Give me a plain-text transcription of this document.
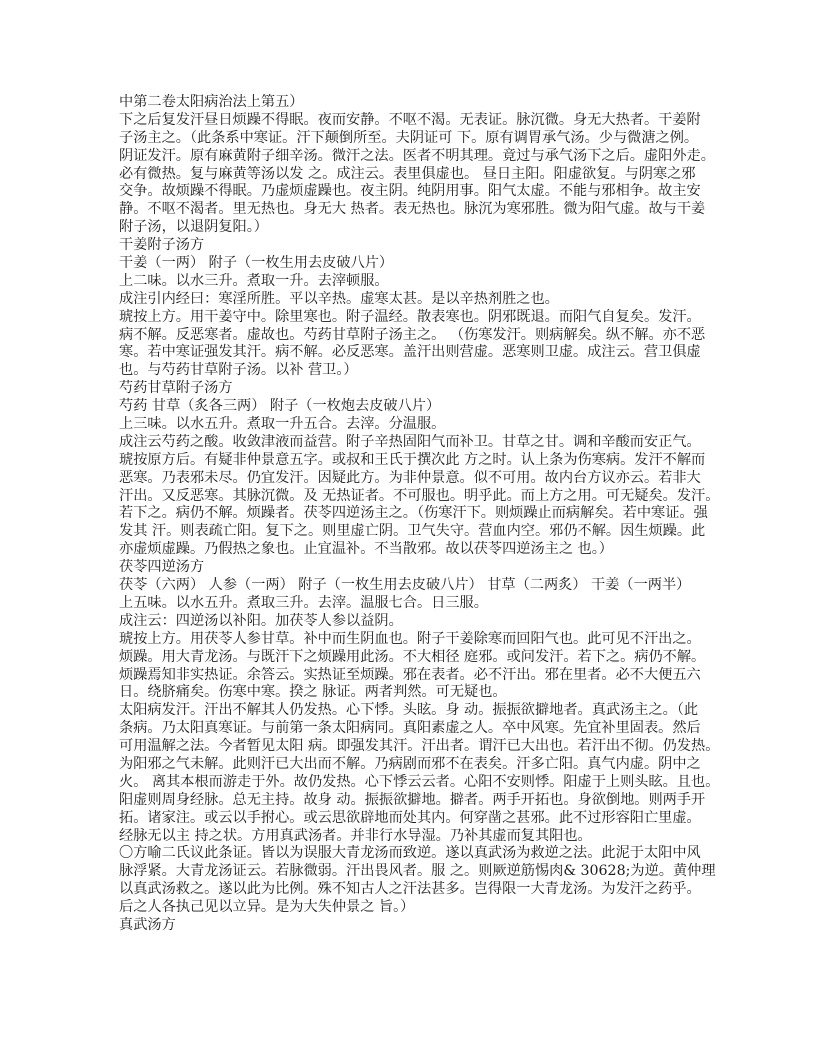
中第二卷太阳病治法上第五）
下之后复发汗昼日烦躁不得眠。夜而安静。不呕不渴。无表证。脉沉微。身无大热者。干姜附
子汤主之。（此条系中寒证。汗下颠倒所至。夫阴证可 下。原有调胃承气汤。少与微溏之例。
阴证发汗。原有麻黄附子细辛汤。微汗之法。医者不明其理。竟过与承气汤下之后。虚阳外走。
必有微热。复与麻黄等汤以发 之。成注云。表里俱虚也。 昼日主阳。阳虚欲复。与阴寒之邪
交争。故烦躁不得眠。乃虚烦虚躁也。夜主阴。纯阴用事。阳气太虚。不能与邪相争。故主安
静。不呕不渴者。里无热也。身无大 热者。表无热也。脉沉为寒邪胜。微为阳气虚。故与干姜
附子汤，以退阴复阳。）
干姜附子汤方
干姜（一两） 附子（一枚生用去皮破八片）
上二味。以水三升。煮取一升。去滓顿服。
成注引内经曰：寒淫所胜。平以辛热。虚寒太甚。是以辛热剂胜之也。
琥按上方。用干姜守中。除里寒也。附子温经。散表寒也。阴邪既退。而阳气自复矣。发汗。
病不解。反恶寒者。虚故也。芍药甘草附子汤主之。 （伤寒发汗。则病解矣。纵不解。亦不恶
寒。若中寒证强发其汗。病不解。必反恶寒。盖汗出则营虚。恶寒则卫虚。成注云。营卫俱虚
也。与芍药甘草附子汤。以补 营卫。）
芍药甘草附子汤方
芍药 甘草（炙各三两） 附子（一枚炮去皮破八片）
上三味。以水五升。煮取一升五合。去滓。分温服。
成注云芍药之酸。收敛津液而益营。附子辛热固阳气而补卫。甘草之甘。调和辛酸而安正气。
琥按原方后。有疑非仲景意五字。或叔和王氏于撰次此 方之时。认上条为伤寒病。发汗不解而
恶寒。乃表邪未尽。仍宜发汗。因疑此方。为非仲景意。似不可用。故内台方议亦云。若非大
汗出。又反恶寒。其脉沉微。及 无热证者。不可服也。明乎此。而上方之用。可无疑矣。发汗。
若下之。病仍不解。烦躁者。茯苓四逆汤主之。（伤寒汗下。则烦躁止而病解矣。若中寒证。强
发其 汗。则表疏亡阳。复下之。则里虚亡阴。卫气失守。营血内空。邪仍不解。因生烦躁。此
亦虚烦虚躁。乃假热之象也。止宜温补。不当散邪。故以茯苓四逆汤主之 也。）
茯苓四逆汤方
茯苓（六两） 人参（一两） 附子（一枚生用去皮破八片） 甘草（二两炙） 干姜（一两半）
上五味。以水五升。煮取三升。去滓。温服七合。日三服。
成注云：四逆汤以补阳。加茯苓人参以益阴。
琥按上方。用茯苓人参甘草。补中而生阴血也。附子干姜除寒而回阳气也。此可见不汗出之。
烦躁。用大青龙汤。与既汗下之烦躁用此汤。不大相径 庭邪。或问发汗。若下之。病仍不解。
烦躁焉知非实热证。余答云。实热证至烦躁。邪在表者。必不汗出。邪在里者。必不大便五六
日。绕脐痛矣。伤寒中寒。揆之 脉证。两者判然。可无疑也。
太阳病发汗。汗出不解其人仍发热。心下悸。头眩。身 动。振振欲擗地者。真武汤主之。（此
条病。乃太阳真寒证。与前第一条太阳病同。真阳素虚之人。卒中风寒。先宜补里固表。然后
可用温解之法。今者暂见太阳 病。即强发其汗。汗出者。谓汗已大出也。若汗出不彻。仍发热。
为阳邪之气未解。此则汗已大出而不解。乃病剧而邪不在表矣。汗多亡阳。真气内虚。阴中之
火。 离其本根而游走于外。故仍发热。心下悸云云者。心阳不安则悸。阳虚于上则头眩。且也。
阳虚则周身经脉。总无主持。故身 动。振振欲擗地。擗者。两手开拓也。身欲倒地。则两手开
拓。诸家注。或云以手拊心。或云思欲辟地而处其内。何穿凿之甚邪。此不过形容阳亡里虚。
经脉无以主 持之状。方用真武汤者。并非行水导湿。乃补其虚而复其阳也。
〇方喻二氏议此条证。皆以为误服大青龙汤而致逆。遂以真武汤为救逆之法。此泥于太阳中风
脉浮紧。大青龙汤证云。若脉微弱。汗出畏风者。服 之。则厥逆筋惕肉& 30628;为逆。黄仲理
以真武汤救之。遂以此为比例。殊不知古人之汗法甚多。岂得限一大青龙汤。为发汗之药乎。
后之人各执己见以立异。是为大失仲景之 旨。）
真武汤方
